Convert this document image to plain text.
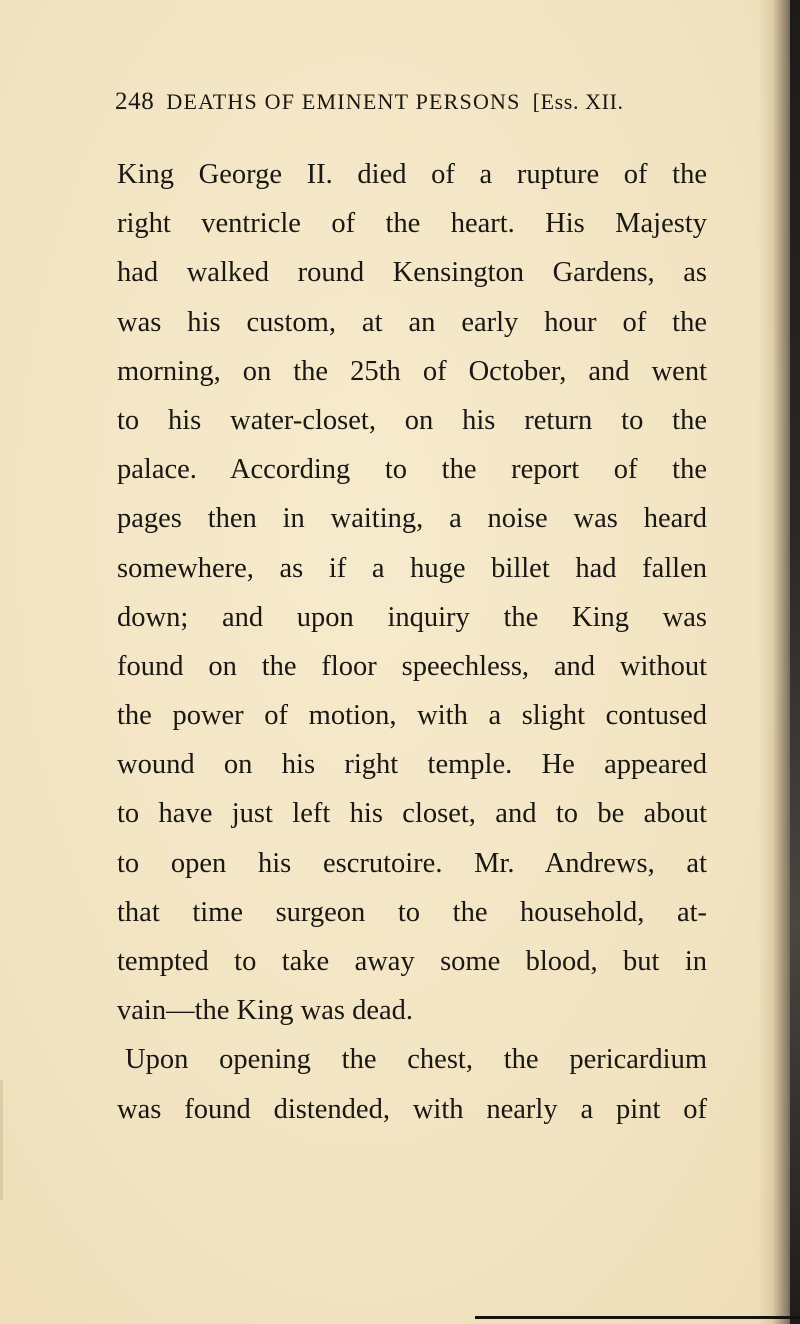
248 DEATHS OF EMINENT PERSONS [Ess. XII.
King George II. died of a rupture of the
right ventricle of the heart. His Majesty
had walked round Kensington Gardens, as
was his custom, at an early hour of the
morning, on the 25th of October, and went
to his water-closet, on his return to the
palace. According to the report of the
pages then in waiting, a noise was heard
somewhere, as if a huge billet had fallen
down; and upon inquiry the King was
found on the floor speechless, and without
the power of motion, with a slight contused
wound on his right temple. He appeared
to have just left his closet, and to be about
to open his escrutoire. Mr. Andrews, at
that time surgeon to the household, at-
tempted to take away some blood, but in
vain—the King was dead.
Upon opening the chest, the pericardium
was found distended, with nearly a pint of
